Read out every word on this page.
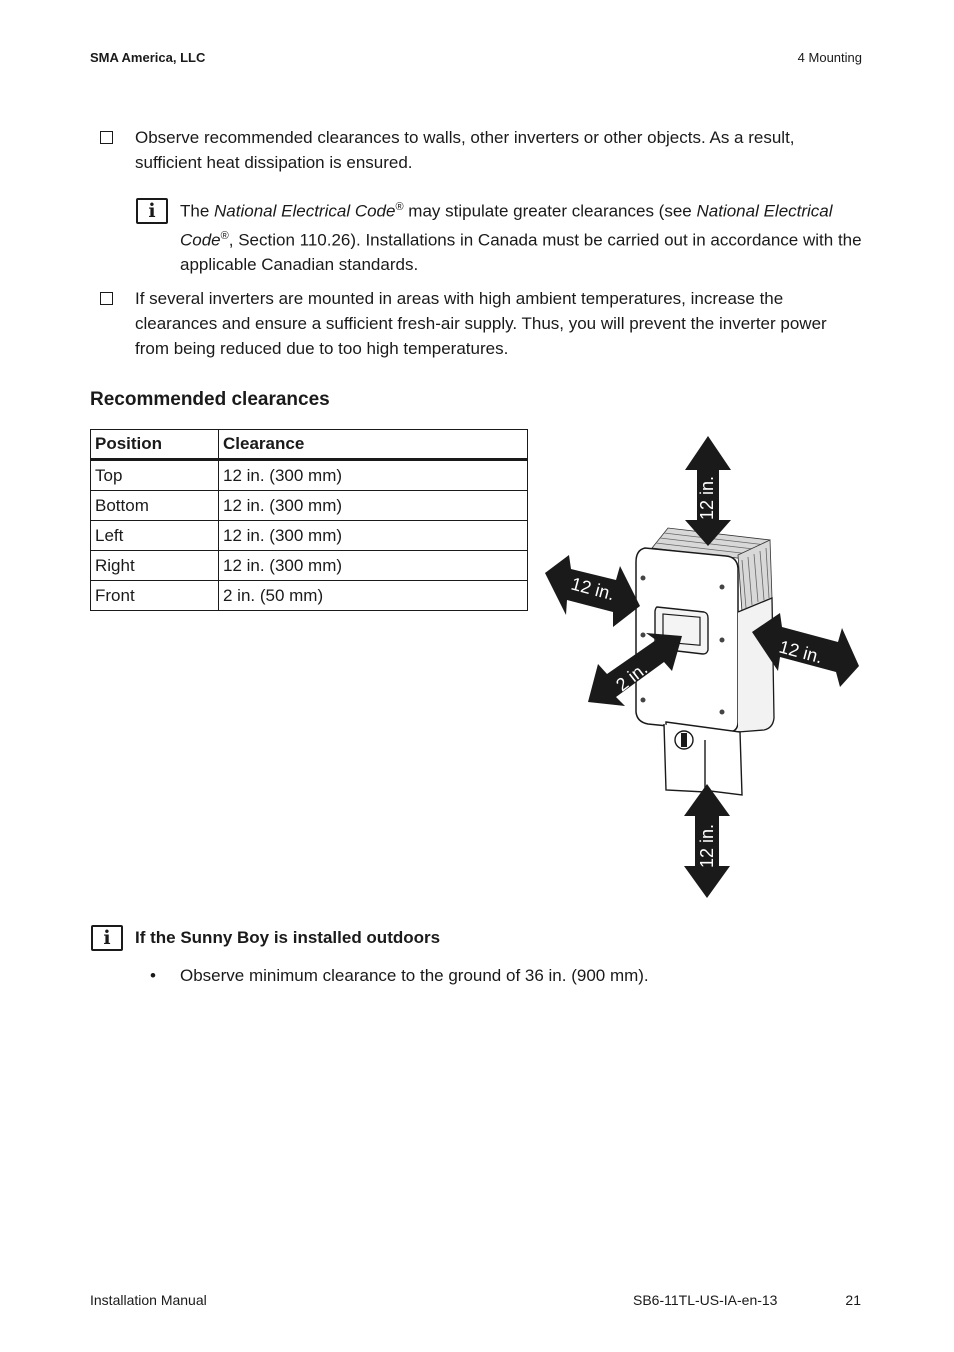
SMA America, LLC	4 Mounting
Observe recommended clearances to walls, other inverters or other objects. As a result, sufficient heat dissipation is ensured.
i	The National Electrical Code® may stipulate greater clearances (see National Electrical Code®, Section 110.26). Installations in Canada must be carried out in accordance with the applicable Canadian standards.
If several inverters are mounted in areas with high ambient temperatures, increase the clearances and ensure a sufficient fresh-air supply. Thus, you will prevent the inverter power from being reduced due to too high temperatures.
Recommended clearances
Position	Clearance
Top	12 in. (300 mm)
Bottom	12 in. (300 mm)
Left	12 in. (300 mm)
Right	12 in. (300 mm)
Front	2 in. (50 mm)
12 in.
12 in.
12 in.
12 in.
2 in.
i	If the Sunny Boy is installed outdoors
• Observe minimum clearance to the ground of 36 in. (900 mm).
Installation Manual	SB6-11TL-US-IA-en-13	21
